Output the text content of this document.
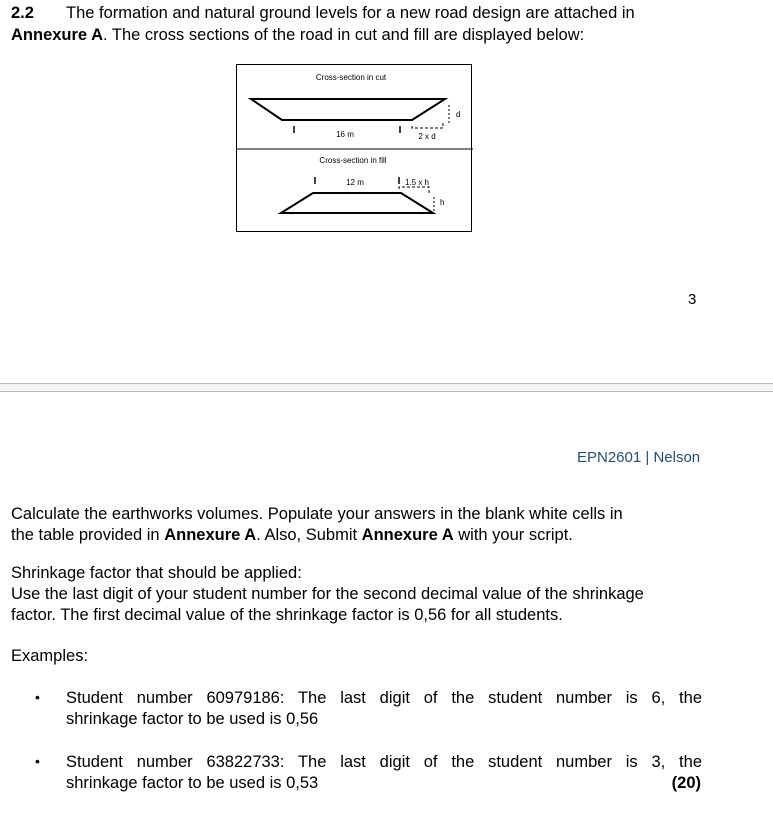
2.2 The formation and natural ground levels for a new road design are attached in
Annexure A. The cross sections of the road in cut and fill are displayed below:
Cross-section in cut
16 m	2 x d
d
Cross-section in fill
12 m	1.5 x h
h
3
EPN2601 | Nelson
Calculate the earthworks volumes. Populate your answers in the blank white cells in
the table provided in Annexure A. Also, Submit Annexure A with your script.
Shrinkage factor that should be applied:
Use the last digit of your student number for the second decimal value of the shrinkage
factor. The first decimal value of the shrinkage factor is 0,56 for all students.
Examples:
• Student number 60979186: The last digit of the student number is 6, the
shrinkage factor to be used is 0,56
• Student number 63822733: The last digit of the student number is 3, the
shrinkage factor to be used is 0,53	(20)
